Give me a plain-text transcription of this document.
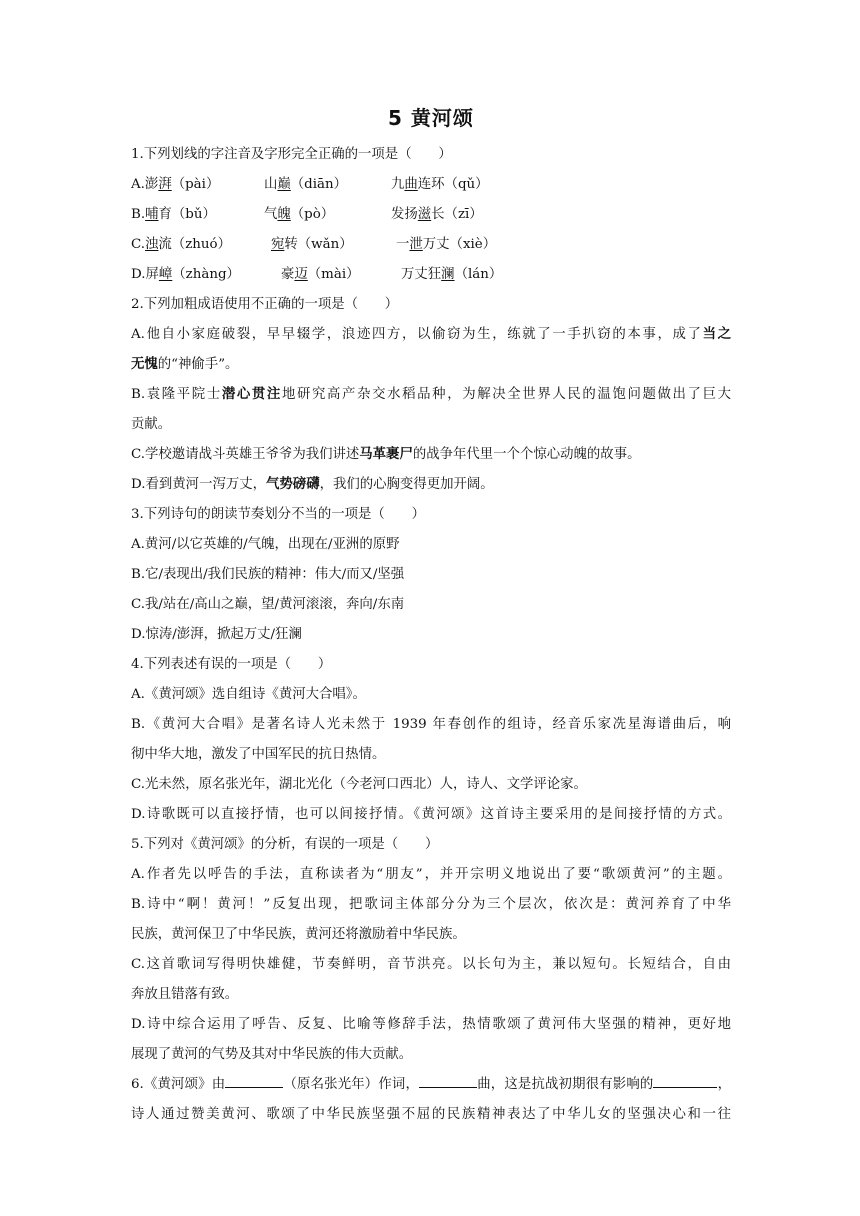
5 黄河颂
1.下列划线的字注音及字形完全正确的一项是（　　）
A.澎湃（pài）	山巅（diān）	九曲连环（qǔ）
B.哺育（bǔ）	气魄（pò）	发扬滋长（zī）
C.浊流（zhuó）	宛转（wǎn）	一泄万丈（xiè）
D.屏嶂（zhàng）	豪迈（mài）	万丈狂澜（lán）
2.下列加粗成语使用不正确的一项是（　　）
A.他自小家庭破裂，早早辍学，浪迹四方，以偷窃为生，练就了一手扒窃的本事，成了当之
无愧的“神偷手”。
B.袁隆平院士潜心贯注地研究高产杂交水稻品种，为解决全世界人民的温饱问题做出了巨大
贡献。
C.学校邀请战斗英雄王爷爷为我们讲述马革裹尸的战争年代里一个个惊心动魄的故事。
D.看到黄河一泻万丈，气势磅礴，我们的心胸变得更加开阔。
3.下列诗句的朗读节奏划分不当的一项是（　　）
A.黄河/以它英雄的/气魄，出现在/亚洲的原野
B.它/表现出/我们民族的精神：伟大/而又/坚强
C.我/站在/高山之巅，望/黄河滚滚，奔向/东南
D.惊涛/澎湃，掀起万丈/狂澜
4.下列表述有误的一项是（　　）
A.《黄河颂》选自组诗《黄河大合唱》。
B.《黄河大合唱》是著名诗人光未然于 1939 年春创作的组诗，经音乐家冼星海谱曲后，响
彻中华大地，激发了中国军民的抗日热情。
C.光未然，原名张光年，湖北光化（今老河口西北）人，诗人、文学评论家。
D.诗歌既可以直接抒情，也可以间接抒情。《黄河颂》这首诗主要采用的是间接抒情的方式。
5.下列对《黄河颂》的分析，有误的一项是（　　）
A.作者先以呼告的手法，直称读者为“朋友”，并开宗明义地说出了要“歌颂黄河”的主题。
B.诗中“啊！黄河！”反复出现，把歌词主体部分分为三个层次，依次是：黄河养育了中华
民族，黄河保卫了中华民族，黄河还将激励着中华民族。
C.这首歌词写得明快雄健，节奏鲜明，音节洪亮。以长句为主，兼以短句。长短结合，自由
奔放且错落有致。
D.诗中综合运用了呼告、反复、比喻等修辞手法，热情歌颂了黄河伟大坚强的精神，更好地
展现了黄河的气势及其对中华民族的伟大贡献。
6.《黄河颂》由	（原名张光年）作词，	曲，这是抗战初期很有影响的	，
诗人通过赞美黄河、歌颂了中华民族坚强不屈的民族精神表达了中华儿女的坚强决心和一往
